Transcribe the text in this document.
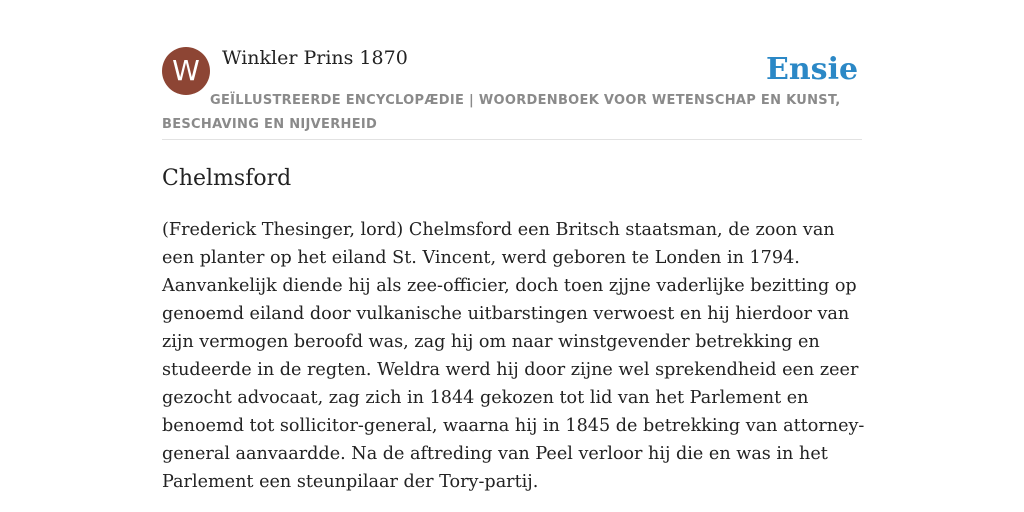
W	Winkler Prins 1870	Ensie
GEÏLLUSTREERDE ENCYCLOPÆDIE | WOORDENBOEK VOOR WETENSCHAP EN KUNST, BESCHAVING EN NIJVERHEID
Chelmsford

(Frederick Thesinger, lord) Chelmsford een Britsch staatsman, de zoon van een planter op het eiland St. Vincent, werd geboren te Londen in 1794. Aanvankelijk diende hij als zee-officier, doch toen zjjne vaderlijke bezitting op genoemd eiland door vulkanische uitbarstingen verwoest en hij hierdoor van zijn vermogen beroofd was, zag hij om naar winstgevender betrekking en studeerde in de regten. Weldra werd hij door zijne wel sprekendheid een zeer gezocht advocaat, zag zich in 1844 gekozen tot lid van het Parlement en benoemd tot sollicitor-general, waarna hij in 1845 de betrekking van attorney-general aanvaardde. Na de aftreding van Peel verloor hij die en was in het Parlement een steunpilaar der Tory-partij.
